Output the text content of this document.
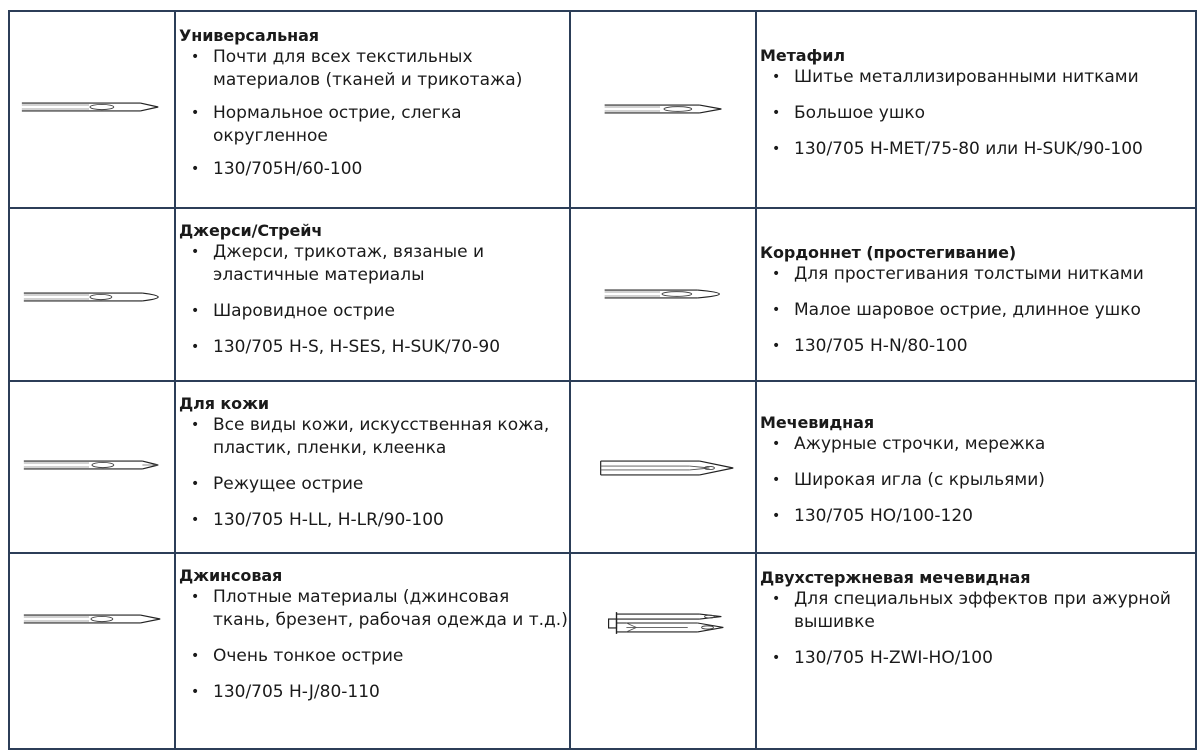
Универсальная

• Почти для всех текстильных материалов (тканей и трикотажа)
• Нормальное острие, слегка округленное
• 130/705H/60-100

Метафил

• Шитье металлизированными нитками
• Большое ушко
• 130/705 H-MET/75-80 или H-SUK/90-100

Джерси/Стрейч

• Джерси, трикотаж, вязаные и эластичные материалы
• Шаровидное острие
• 130/705 H-S, H-SES, H-SUK/70-90

Кордоннет (простегивание)

• Для простегивания толстыми нитками
• Малое шаровое острие, длинное ушко
• 130/705 H-N/80-100

Для кожи

• Все виды кожи, искусственная кожа, пластик, пленки, клеенка
• Режущее острие
• 130/705 H-LL, H-LR/90-100

Мечевидная

• Ажурные строчки, мережка
• Широкая игла (с крыльями)
• 130/705 HO/100-120

Джинсовая

• Плотные материалы (джинсовая ткань, брезент, рабочая одежда и т.д.)
• Очень тонкое острие
• 130/705 H-J/80-110

Двухстержневая мечевидная

• Для специальных эффектов при ажурной вышивке
• 130/705 H-ZWI-HO/100
